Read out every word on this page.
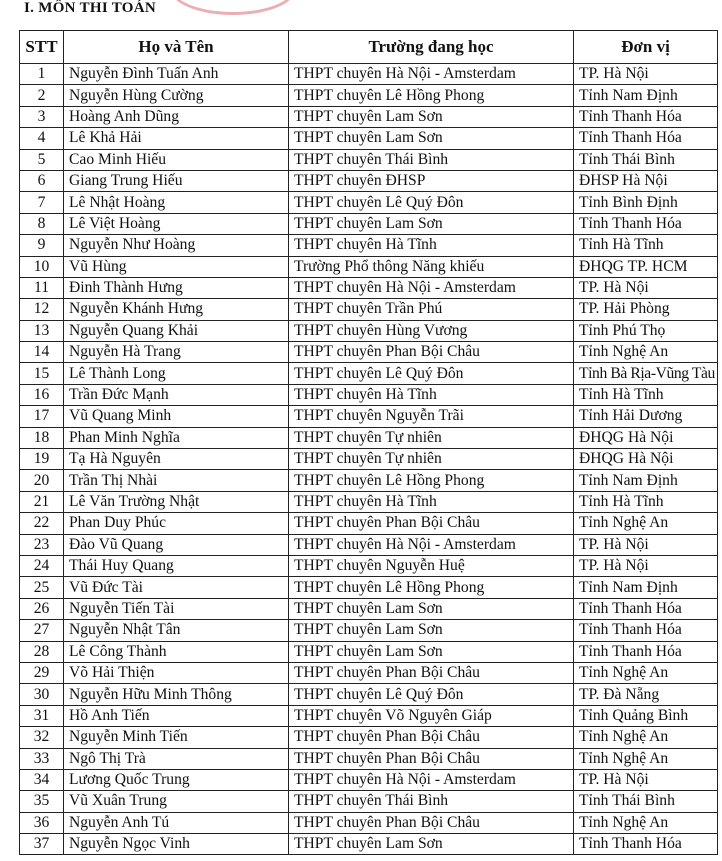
I. MÔN THI TOÁN
STT	Họ và Tên	Trường đang học	Đơn vị
1	Nguyễn Đình Tuấn Anh	THPT chuyên Hà Nội - Amsterdam	TP. Hà Nội
2	Nguyễn Hùng Cường	THPT chuyên Lê Hồng Phong	Tỉnh Nam Định
3	Hoàng Anh Dũng	THPT chuyên Lam Sơn	Tỉnh Thanh Hóa
4	Lê Khả Hải	THPT chuyên Lam Sơn	Tỉnh Thanh Hóa
5	Cao Minh Hiếu	THPT chuyên Thái Bình	Tỉnh Thái Bình
6	Giang Trung Hiếu	THPT chuyên ĐHSP	ĐHSP Hà Nội
7	Lê Nhật Hoàng	THPT chuyên Lê Quý Đôn	Tỉnh Bình Định
8	Lê Việt Hoàng	THPT chuyên Lam Sơn	Tỉnh Thanh Hóa
9	Nguyễn Như Hoàng	THPT chuyên Hà Tĩnh	Tỉnh Hà Tĩnh
10	Vũ Hùng	Trường Phổ thông Năng khiếu	ĐHQG TP. HCM
11	Đinh Thành Hưng	THPT chuyên Hà Nội - Amsterdam	TP. Hà Nội
12	Nguyễn Khánh Hưng	THPT chuyên Trần Phú	TP. Hải Phòng
13	Nguyễn Quang Khải	THPT chuyên Hùng Vương	Tỉnh Phú Thọ
14	Nguyễn Hà Trang	THPT chuyên Phan Bội Châu	Tỉnh Nghệ An
15	Lê Thành Long	THPT chuyên Lê Quý Đôn	Tỉnh Bà Rịa-Vũng Tàu
16	Trần Đức Mạnh	THPT chuyên Hà Tĩnh	Tỉnh Hà Tĩnh
17	Vũ Quang Minh	THPT chuyên Nguyễn Trãi	Tỉnh Hải Dương
18	Phan Minh Nghĩa	THPT chuyên Tự nhiên	ĐHQG Hà Nội
19	Tạ Hà Nguyên	THPT chuyên Tự nhiên	ĐHQG Hà Nội
20	Trần Thị Nhài	THPT chuyên Lê Hồng Phong	Tỉnh Nam Định
21	Lê Văn Trường Nhật	THPT chuyên Hà Tĩnh	Tỉnh Hà Tĩnh
22	Phan Duy Phúc	THPT chuyên Phan Bội Châu	Tỉnh Nghệ An
23	Đào Vũ Quang	THPT chuyên Hà Nội - Amsterdam	TP. Hà Nội
24	Thái Huy Quang	THPT chuyên Nguyễn Huệ	TP. Hà Nội
25	Vũ Đức Tài	THPT chuyên Lê Hồng Phong	Tỉnh Nam Định
26	Nguyễn Tiến Tài	THPT chuyên Lam Sơn	Tỉnh Thanh Hóa
27	Nguyễn Nhật Tân	THPT chuyên Lam Sơn	Tỉnh Thanh Hóa
28	Lê Công Thành	THPT chuyên Lam Sơn	Tỉnh Thanh Hóa
29	Võ Hải Thiện	THPT chuyên Phan Bội Châu	Tỉnh Nghệ An
30	Nguyễn Hữu Minh Thông	THPT chuyên Lê Quý Đôn	TP. Đà Nẵng
31	Hồ Anh Tiến	THPT chuyên Võ Nguyên Giáp	Tỉnh Quảng Bình
32	Nguyễn Minh Tiến	THPT chuyên Phan Bội Châu	Tỉnh Nghệ An
33	Ngô Thị Trà	THPT chuyên Phan Bội Châu	Tỉnh Nghệ An
34	Lương Quốc Trung	THPT chuyên Hà Nội - Amsterdam	TP. Hà Nội
35	Vũ Xuân Trung	THPT chuyên Thái Bình	Tỉnh Thái Bình
36	Nguyễn Anh Tú	THPT chuyên Phan Bội Châu	Tỉnh Nghệ An
37	Nguyễn Ngọc Vinh	THPT chuyên Lam Sơn	Tỉnh Thanh Hóa
